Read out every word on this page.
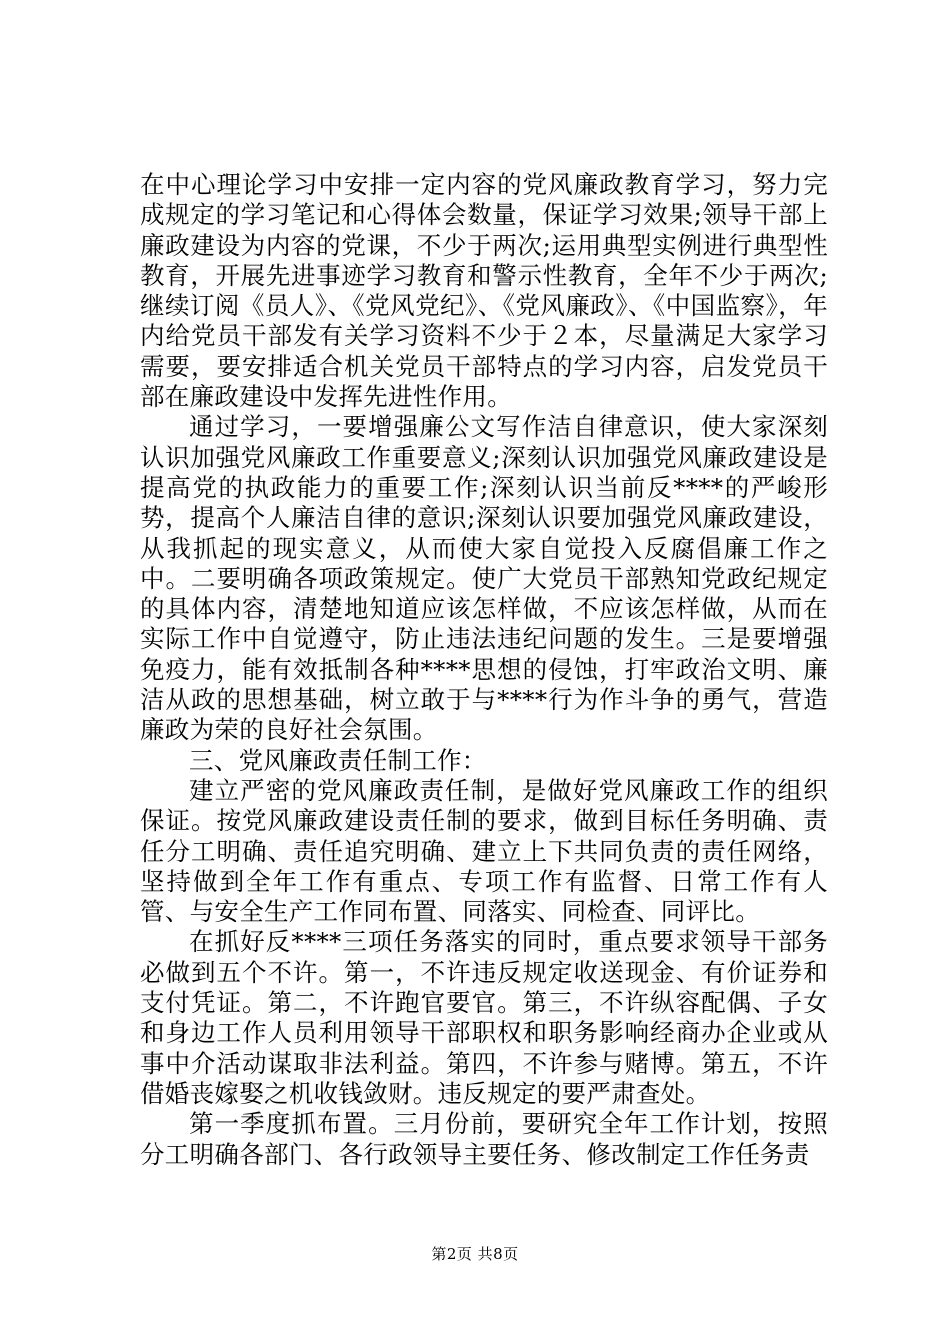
在中心理论学习中安排一定内容的党风廉政教育学习，努力完成规定的学习笔记和心得体会数量，保证学习效果;领导干部上廉政建设为内容的党课，不少于两次;运用典型实例进行典型性教育，开展先进事迹学习教育和警示性教育，全年不少于两次;继续订阅《员人》、《党风党纪》、《党风廉政》、《中国监察》，年内给党员干部发有关学习资料不少于２本，尽量满足大家学习需要，要安排适合机关党员干部特点的学习内容，启发党员干部在廉政建设中发挥先进性作用。

通过学习，一要增强廉公文写作洁自律意识，使大家深刻认识加强党风廉政工作重要意义;深刻认识加强党风廉政建设是提高党的执政能力的重要工作;深刻认识当前反****的严峻形势，提高个人廉洁自律的意识;深刻认识要加强党风廉政建设，从我抓起的现实意义，从而使大家自觉投入反腐倡廉工作之中。二要明确各项政策规定。使广大党员干部熟知党政纪规定的具体内容，清楚地知道应该怎样做，不应该怎样做，从而在实际工作中自觉遵守，防止违法违纪问题的发生。三是要增强免疫力，能有效抵制各种****思想的侵蚀，打牢政治文明、廉洁从政的思想基础，树立敢于与****行为作斗争的勇气，营造廉政为荣的良好社会氛围。

三、党风廉政责任制工作：

建立严密的党风廉政责任制，是做好党风廉政工作的组织保证。按党风廉政建设责任制的要求，做到目标任务明确、责任分工明确、责任追究明确、建立上下共同负责的责任网络，坚持做到全年工作有重点、专项工作有监督、日常工作有人管、与安全生产工作同布置、同落实、同检查、同评比。

在抓好反****三项任务落实的同时，重点要求领导干部务必做到五个不许。第一，不许违反规定收送现金、有价证券和支付凭证。第二，不许跑官要官。第三，不许纵容配偶、子女和身边工作人员利用领导干部职权和职务影响经商办企业或从事中介活动谋取非法利益。第四，不许参与赌博。第五，不许借婚丧嫁娶之机收钱敛财。违反规定的要严肃查处。

第一季度抓布置。三月份前，要研究全年工作计划，按照分工明确各部门、各行政领导主要任务、修改制定工作任务责

第2页 共8页
